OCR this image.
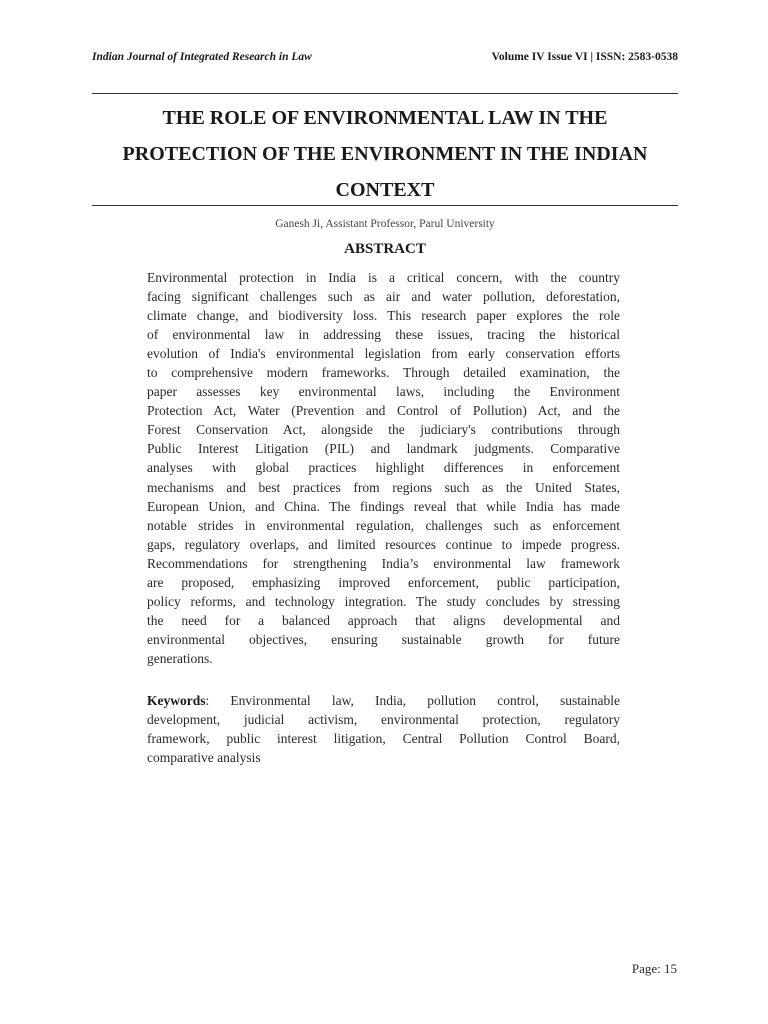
Indian Journal of Integrated Research in Law	Volume IV Issue VI | ISSN: 2583-0538
THE ROLE OF ENVIRONMENTAL LAW IN THE
PROTECTION OF THE ENVIRONMENT IN THE INDIAN
CONTEXT
Ganesh Ji, Assistant Professor, Parul University
ABSTRACT
Environmental protection in India is a critical concern, with the country
facing significant challenges such as air and water pollution, deforestation,
climate change, and biodiversity loss. This research paper explores the role
of environmental law in addressing these issues, tracing the historical
evolution of India's environmental legislation from early conservation efforts
to comprehensive modern frameworks. Through detailed examination, the
paper assesses key environmental laws, including the Environment
Protection Act, Water (Prevention and Control of Pollution) Act, and the
Forest Conservation Act, alongside the judiciary's contributions through
Public Interest Litigation (PIL) and landmark judgments. Comparative
analyses with global practices highlight differences in enforcement
mechanisms and best practices from regions such as the United States,
European Union, and China. The findings reveal that while India has made
notable strides in environmental regulation, challenges such as enforcement
gaps, regulatory overlaps, and limited resources continue to impede progress.
Recommendations for strengthening India’s environmental law framework
are proposed, emphasizing improved enforcement, public participation,
policy reforms, and technology integration. The study concludes by stressing
the need for a balanced approach that aligns developmental and
environmental objectives, ensuring sustainable growth for future
generations.
Keywords: Environmental law, India, pollution control, sustainable
development, judicial activism, environmental protection, regulatory
framework, public interest litigation, Central Pollution Control Board,
comparative analysis
Page: 15
